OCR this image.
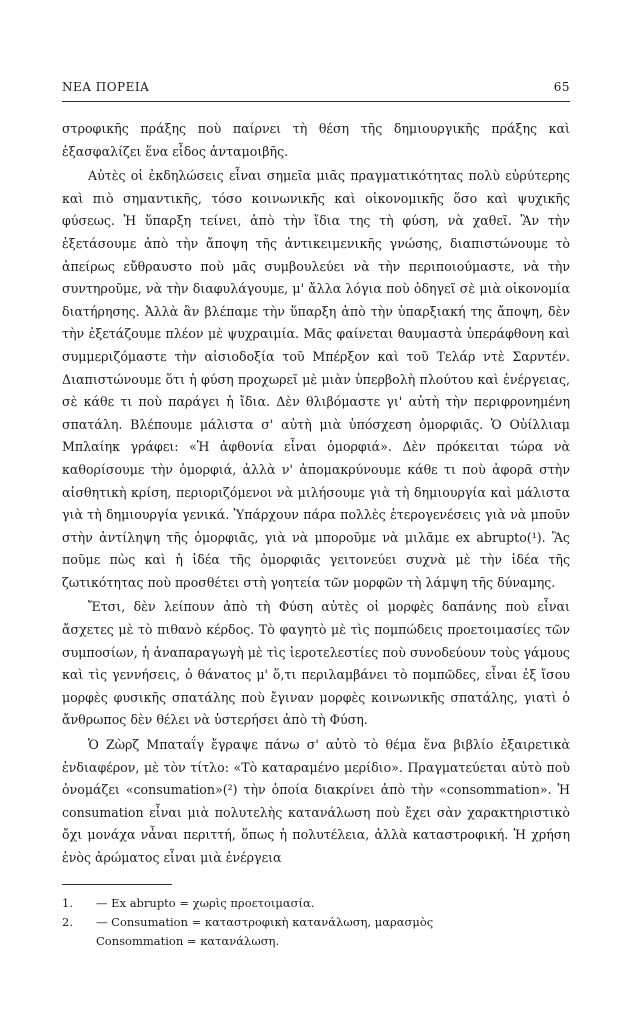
ΝΕΑ ΠΟΡΕΙΑ	65

στροφικῆς πράξης ποὺ παίρνει τὴ θέση τῆς δημιουργικῆς πράξης καὶ ἐξασφαλίζει ἕνα εἶδος ἀνταμοιβῆς.

Αὐτὲς οἱ ἐκδηλώσεις εἶναι σημεῖα μιᾶς πραγματικότητας πολὺ εὐρύτερης καὶ πιὸ σημαντικῆς, τόσο κοινωνικῆς καὶ οἰκονομικῆς ὅσο καὶ ψυχικῆς φύσεως. Ἡ ὕπαρξη τείνει, ἀπὸ τὴν ἴδια της τὴ φύση, νὰ χαθεῖ. Ἂν τὴν ἐξετάσουμε ἀπὸ τὴν ἄποψη τῆς ἀντικειμενικῆς γνώσης, διαπιστώνουμε τὸ ἀπείρως εὔθραυστο ποὺ μᾶς συμβουλεύει νὰ τὴν περιποιούμαστε, νὰ τὴν συντηροῦμε, νὰ τὴν διαφυλάγουμε, μ' ἄλλα λόγια ποὺ ὁδηγεῖ σὲ μιὰ οἰκονομία διατήρησης. Ἀλλὰ ἂν βλέπαμε τὴν ὕπαρξη ἀπὸ τὴν ὑπαρξιακή της ἄποψη, δὲν τὴν ἐξετάζουμε πλέον μὲ ψυχραιμία. Μᾶς φαίνεται θαυμαστὰ ὑπεράφθονη καὶ συμμεριζόμαστε τὴν αἰσιοδοξία τοῦ Μπέρξον καὶ τοῦ Τελάρ ντὲ Σαρντέν. Διαπιστώνουμε ὅτι ἡ φύση προχωρεῖ μὲ μιὰν ὑπερβολὴ πλούτου καὶ ἐνέργειας, σὲ κάθε τι ποὺ παράγει ἡ ἴδια. Δὲν θλιβόμαστε γι' αὐτὴ τὴν περιφρονημένη σπατάλη. Βλέπουμε μάλιστα σ' αὐτὴ μιὰ ὑπόσχεση ὀμορφιᾶς. Ὁ Οὐίλλιαμ Μπλαίηκ γράφει: «Ἡ ἀφθονία εἶναι ὀμορφιά». Δὲν πρόκειται τώρα νὰ καθορίσουμε τὴν ὀμορφιά, ἀλλὰ ν' ἀπομακρύνουμε κάθε τι ποὺ ἀφορᾶ στὴν αἰσθητικὴ κρίση, περιοριζόμενοι νὰ μιλήσουμε γιὰ τὴ δημιουργία καὶ μάλιστα γιὰ τὴ δημιουργία γενικά. Ὑπάρχουν πάρα πολλὲς ἑτερογενέσεις γιὰ νὰ μποῦν στὴν ἀντίληψη τῆς ὀμορφιᾶς, γιὰ νὰ μποροῦμε νὰ μιλᾶμε ex abrupto(¹). Ἂς ποῦμε πὼς καὶ ἡ ἰδέα τῆς ὀμορφιᾶς γειτονεύει συχνὰ μὲ τὴν ἰδέα τῆς ζωτικότητας ποὺ προσθέτει στὴ γοητεία τῶν μορφῶν τὴ λάμψη τῆς δύναμης.

Ἔτσι, δὲν λείπουν ἀπὸ τὴ Φύση αὐτὲς οἱ μορφὲς δαπάνης ποὺ εἶναι ἄσχετες μὲ τὸ πιθανὸ κέρδος. Τὸ φαγητὸ μὲ τὶς πομπώδεις προετοιμασίες τῶν συμποσίων, ἡ ἀναπαραγωγὴ μὲ τὶς ἱεροτελεστίες ποὺ συνοδεύουν τοὺς γάμους καὶ τὶς γεννήσεις, ὁ θάνατος μ' ὅ,τι περιλαμβάνει τὸ πομπῶδες, εἶναι ἐξ ἴσου μορφὲς φυσικῆς σπατάλης ποὺ ἔγιναν μορφὲς κοινωνικῆς σπατάλης, γιατὶ ὁ ἄνθρωπος δὲν θέλει νὰ ὑστερήσει ἀπὸ τὴ Φύση.

Ὁ Ζὼρζ Μπαταΐγ ἔγραψε πάνω σ' αὐτὸ τὸ θέμα ἕνα βιβλίο ἐξαιρετικὰ ἐνδιαφέρον, μὲ τὸν τίτλο: «Τὸ καταραμένο μερίδιο». Πραγματεύεται αὐτὸ ποὺ ὀνομάζει «consumation»(²) τὴν ὁποία διακρίνει ἀπὸ τὴν «consommation». Ἡ consumation εἶναι μιὰ πολυτελὴς κατανάλωση ποὺ ἔχει σὰν χαρακτηριστικὸ ὄχι μονάχα νἆναι περιττή, ὅπως ἡ πολυτέλεια, ἀλλὰ καταστροφική. Ἡ χρήση ἑνὸς ἀρώματος εἶναι μιὰ ἐνέργεια

1.	— Ex abrupto = χωρὶς προετοιμασία.
2.	— Consumation = καταστροφικὴ κατανάλωση, μαρασμὸς
Consommation = κατανάλωση.
